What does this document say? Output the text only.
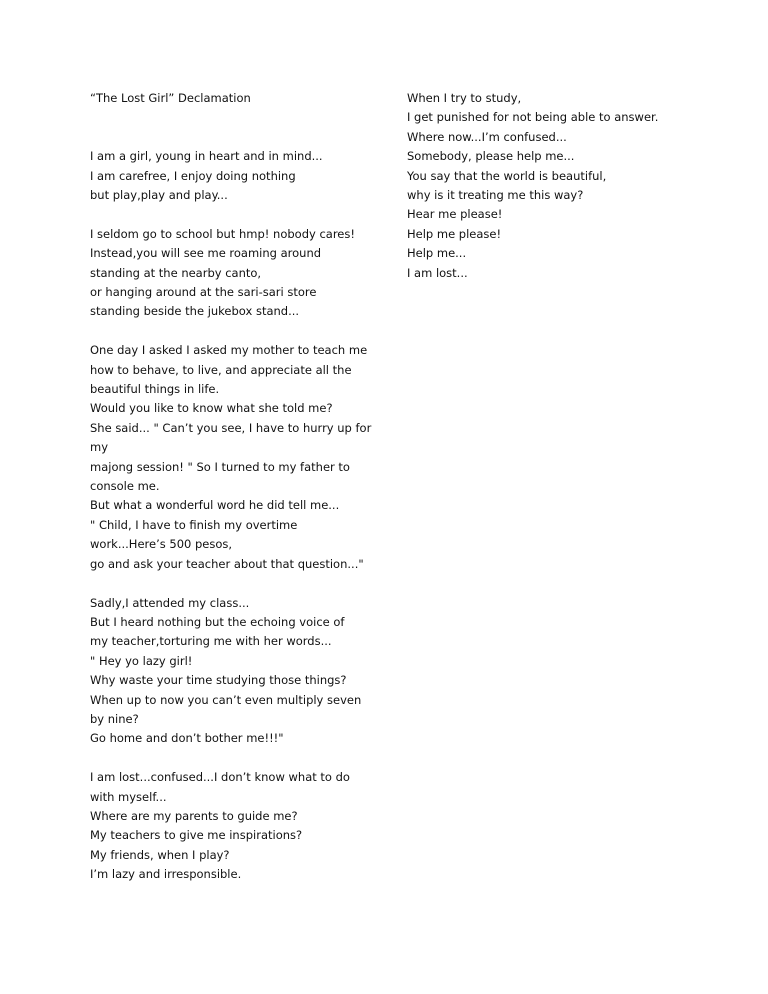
“The Lost Girl” Declamation
I am a girl, young in heart and in mind...
I am carefree, I enjoy doing nothing
but play,play and play...
I seldom go to school but hmp! nobody cares!
Instead,you will see me roaming around
standing at the nearby canto,
or hanging around at the sari-sari store
standing beside the jukebox stand...
One day I asked I asked my mother to teach me
how to behave, to live, and appreciate all the
beautiful things in life.
Would you like to know what she told me?
She said... " Can’t you see, I have to hurry up for
my
majong session! " So I turned to my father to
console me.
But what a wonderful word he did tell me...
" Child, I have to finish my overtime
work...Here’s 500 pesos,
go and ask your teacher about that question..."
Sadly,I attended my class...
But I heard nothing but the echoing voice of
my teacher,torturing me with her words...
" Hey yo lazy girl!
Why waste your time studying those things?
When up to now you can’t even multiply seven
by nine?
Go home and don’t bother me!!!"
I am lost...confused...I don’t know what to do
with myself...
Where are my parents to guide me?
My teachers to give me inspirations?
My friends, when I play?
I’m lazy and irresponsible.
When I try to study,
I get punished for not being able to answer.
Where now...I’m confused...
Somebody, please help me...
You say that the world is beautiful,
why is it treating me this way?
Hear me please!
Help me please!
Help me...
I am lost...
